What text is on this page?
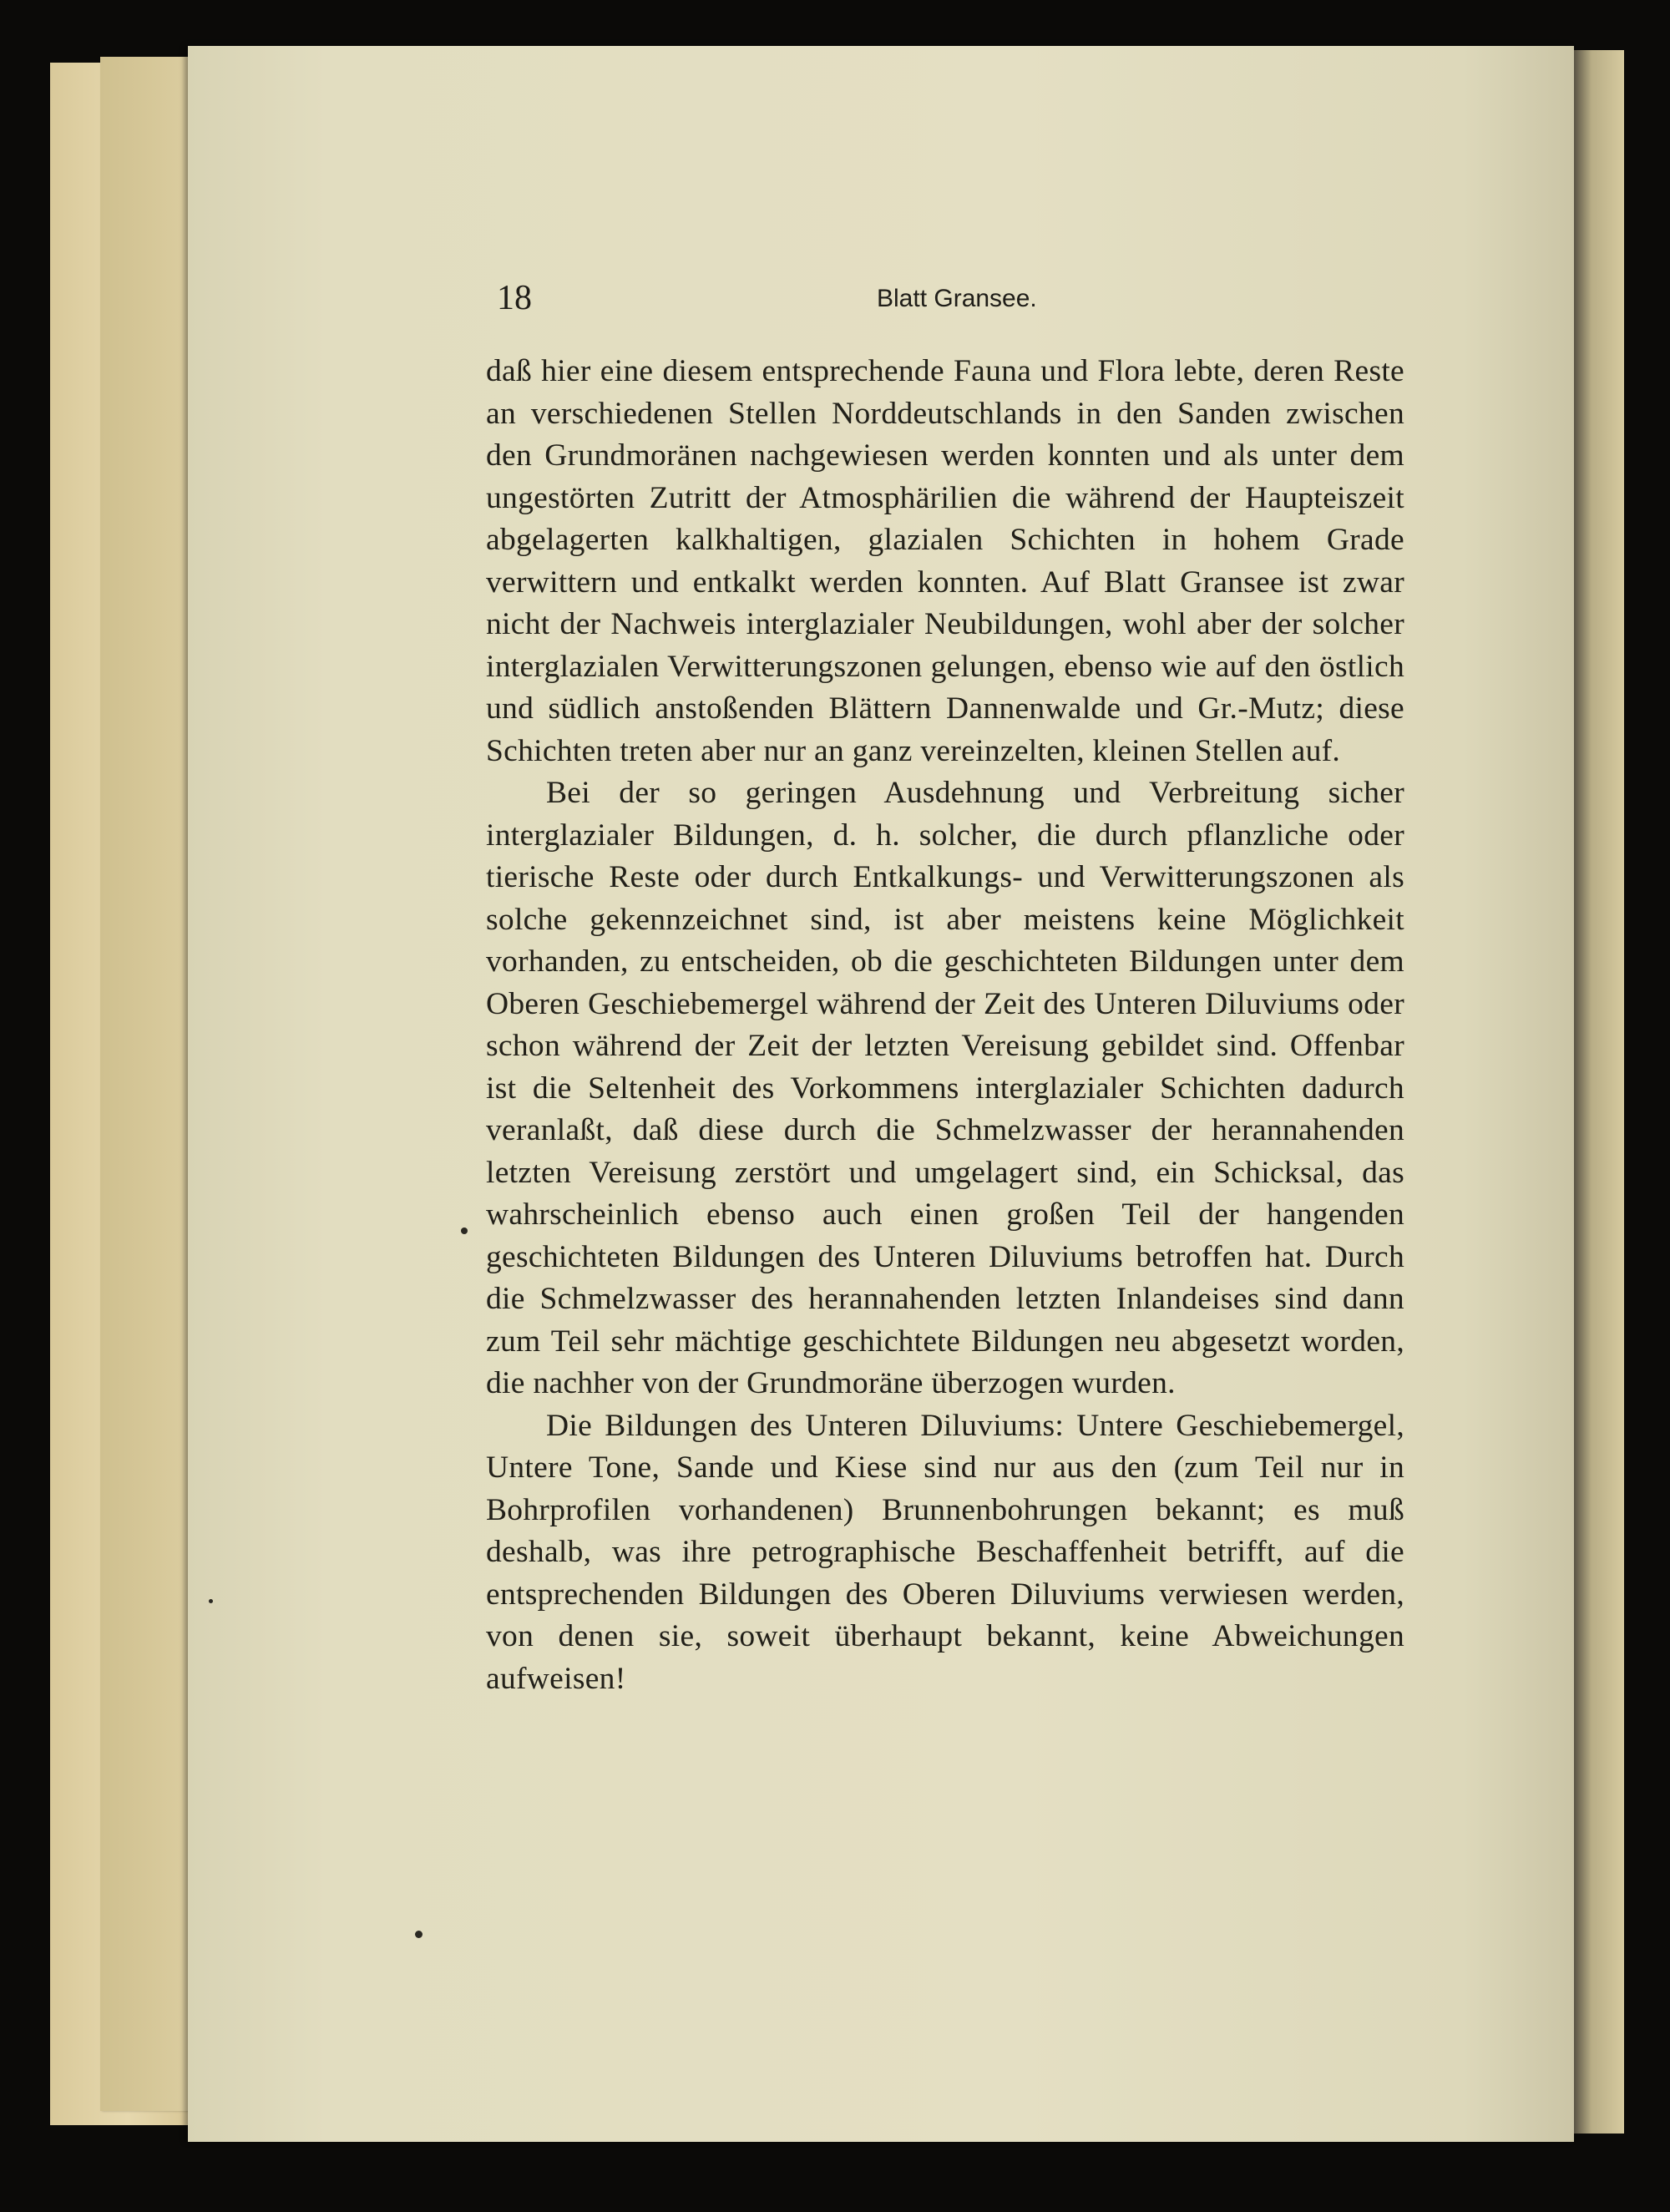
18	Blatt Gransee.

daß hier eine diesem entsprechende Fauna und Flora lebte, deren Reste an verschiedenen Stellen Norddeutschlands in den Sanden zwischen den Grundmoränen nachgewiesen werden konnten und als unter dem ungestörten Zutritt der Atmosphärilien die während der Haupteiszeit abgelagerten kalkhaltigen, glazialen Schichten in hohem Grade verwittern und entkalkt werden konnten. Auf Blatt Gransee ist zwar nicht der Nachweis interglazialer Neubildungen, wohl aber der solcher interglazialen Verwitterungszonen gelungen, ebenso wie auf den östlich und südlich anstoßenden Blättern Dannenwalde und Gr.-Mutz; diese Schichten treten aber nur an ganz vereinzelten, kleinen Stellen auf.

Bei der so geringen Ausdehnung und Verbreitung sicher interglazialer Bildungen, d. h. solcher, die durch pflanzliche oder tierische Reste oder durch Entkalkungs- und Verwitterungszonen als solche gekennzeichnet sind, ist aber meistens keine Möglichkeit vorhanden, zu entscheiden, ob die geschichteten Bildungen unter dem Oberen Geschiebemergel während der Zeit des Unteren Diluviums oder schon während der Zeit der letzten Vereisung gebildet sind. Offenbar ist die Seltenheit des Vorkommens interglazialer Schichten dadurch veranlaßt, daß diese durch die Schmelzwasser der herannahenden letzten Vereisung zerstört und umgelagert sind, ein Schicksal, das wahrscheinlich ebenso auch einen großen Teil der hangenden geschichteten Bildungen des Unteren Diluviums betroffen hat. Durch die Schmelzwasser des herannahenden letzten Inlandeises sind dann zum Teil sehr mächtige geschichtete Bildungen neu abgesetzt worden, die nachher von der Grundmoräne überzogen wurden.

Die Bildungen des Unteren Diluviums: Untere Geschiebemergel, Untere Tone, Sande und Kiese sind nur aus den (zum Teil nur in Bohrprofilen vorhandenen) Brunnenbohrungen bekannt; es muß deshalb, was ihre petrographische Beschaffenheit betrifft, auf die entsprechenden Bildungen des Oberen Diluviums verwiesen werden, von denen sie, soweit überhaupt bekannt, keine Abweichungen aufweisen!
